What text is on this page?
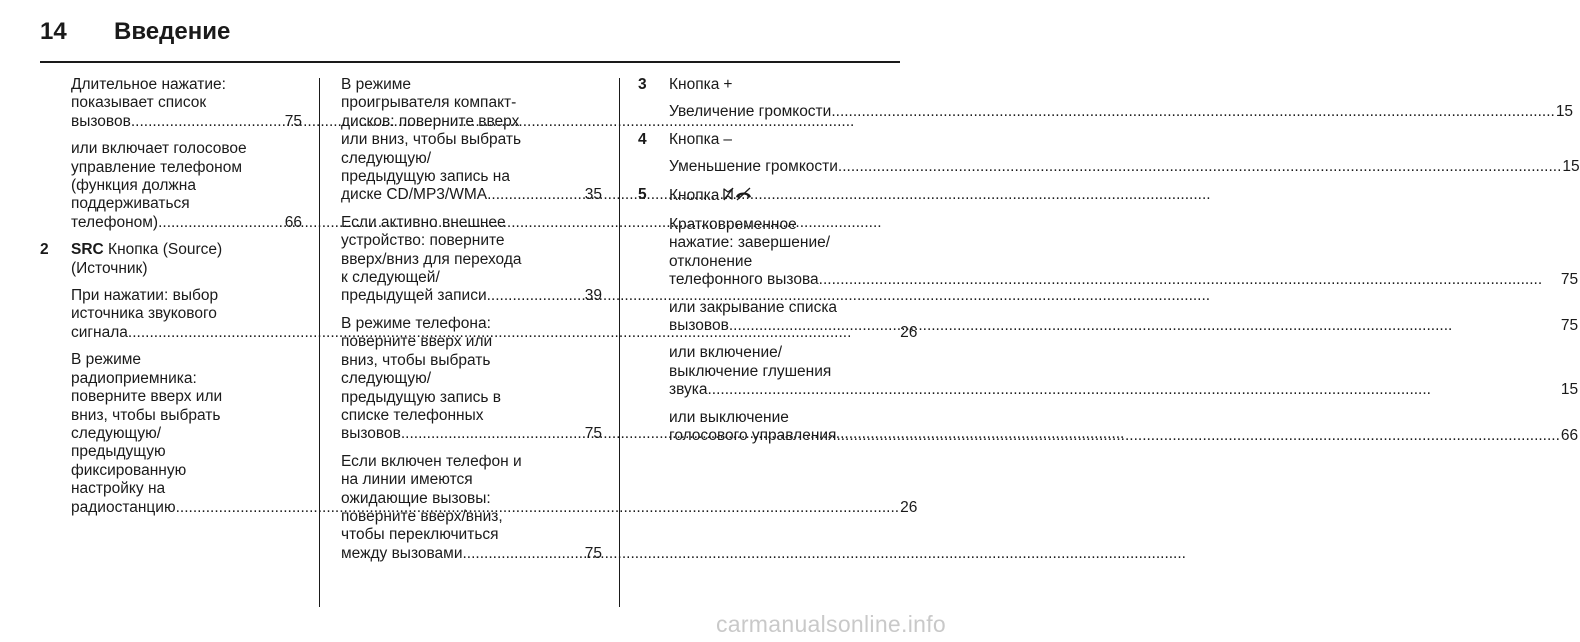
14	Введение
Длительное нажатие:
показывает список
вызовов .....	75
или включает голосовое
управление телефоном
(функция должна
поддерживаться
телефоном) .....	66
2	SRC Кнопка (Source)
(Источник)
При нажатии: выбор
источника звукового
сигнала .....	26
В режиме
радиоприемника:
поверните вверх или
вниз, чтобы выбрать
следующую/
предыдущую
фиксированную
настройку на
радиостанцию .....	26
В режиме
проигрывателя компакт-
дисков: поверните вверх
или вниз, чтобы выбрать
следующую/
предыдущую запись на
диске CD/MP3/WMA .....	35
Если активно внешнее
устройство: поверните
вверх/вниз для перехода
к следующей/
предыдущей записи .....	39
В режиме телефона:
поверните вверх или
вниз, чтобы выбрать
следующую/
предыдущую запись в
списке телефонных
вызовов .....	75
Если включен телефон и
на линии имеются
ожидающие вызовы:
поверните вверх/вниз,
чтобы переключиться
между вызовами .....	75
3	Кнопка +
Увеличение громкости .....	15
4	Кнопка –
Уменьшение громкости .....	15
5	Кнопка
Кратковременное
нажатие: завершение/
отклонение
телефонного вызова .....	75
или закрывание списка
вызовов .....	75
или включение/
выключение глушения
звука .....	15
или выключение
голосового управления .....	66
carmanualsonline.info
